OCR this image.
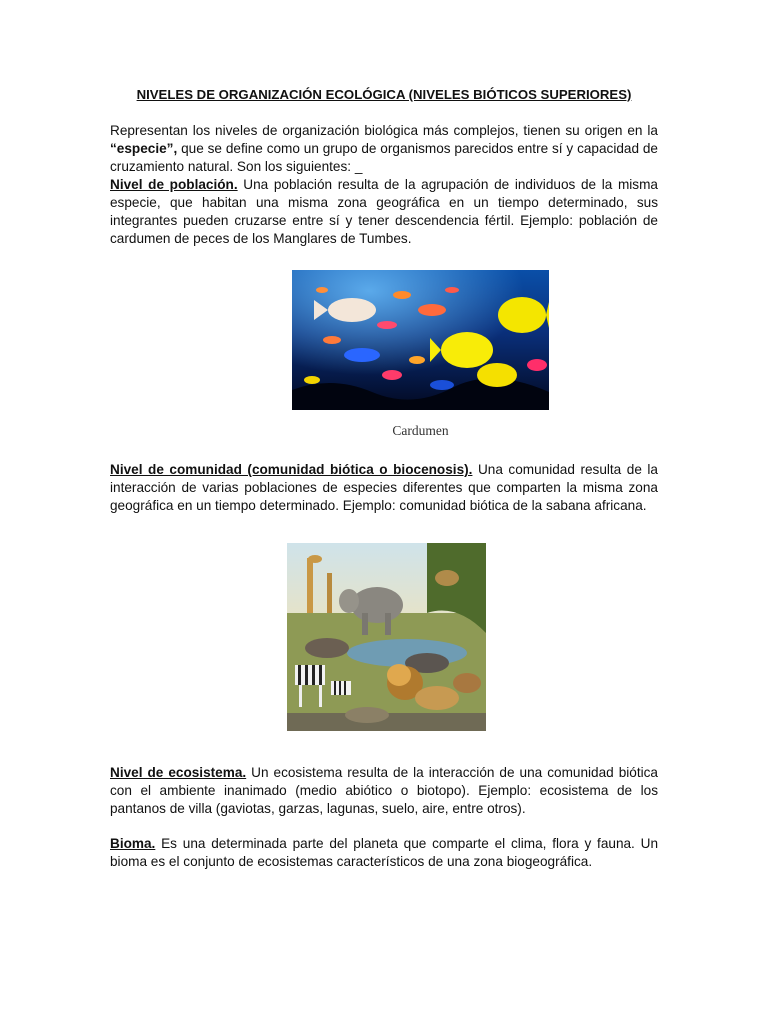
NIVELES DE ORGANIZACIÓN ECOLÓGICA (NIVELES BIÓTICOS SUPERIORES)
Representan los niveles de organización biológica más complejos, tienen su origen en la “especie”, que se define como un grupo de organismos parecidos entre sí y capacidad de cruzamiento natural. Son los siguientes: _
Nivel de población. Una población resulta de la agrupación de individuos de la misma especie, que habitan una misma zona geográfica en un tiempo determinado, sus integrantes pueden cruzarse entre sí y tener descendencia fértil. Ejemplo: población de cardumen de peces de los Manglares de Tumbes.
Cardumen
Nivel de comunidad (comunidad biótica o biocenosis). Una comunidad resulta de la interacción de varias poblaciones de especies diferentes que comparten la misma zona geográfica en un tiempo determinado. Ejemplo: comunidad biótica de la sabana africana.
Nivel de ecosistema. Un ecosistema resulta de la interacción de una comunidad biótica con el ambiente inanimado (medio abiótico o biotopo). Ejemplo: ecosistema de los pantanos de villa (gaviotas, garzas, lagunas, suelo, aire, entre otros).
Bioma. Es una determinada parte del planeta que comparte el clima, flora y fauna. Un bioma es el conjunto de ecosistemas característicos de una zona biogeográfica.
